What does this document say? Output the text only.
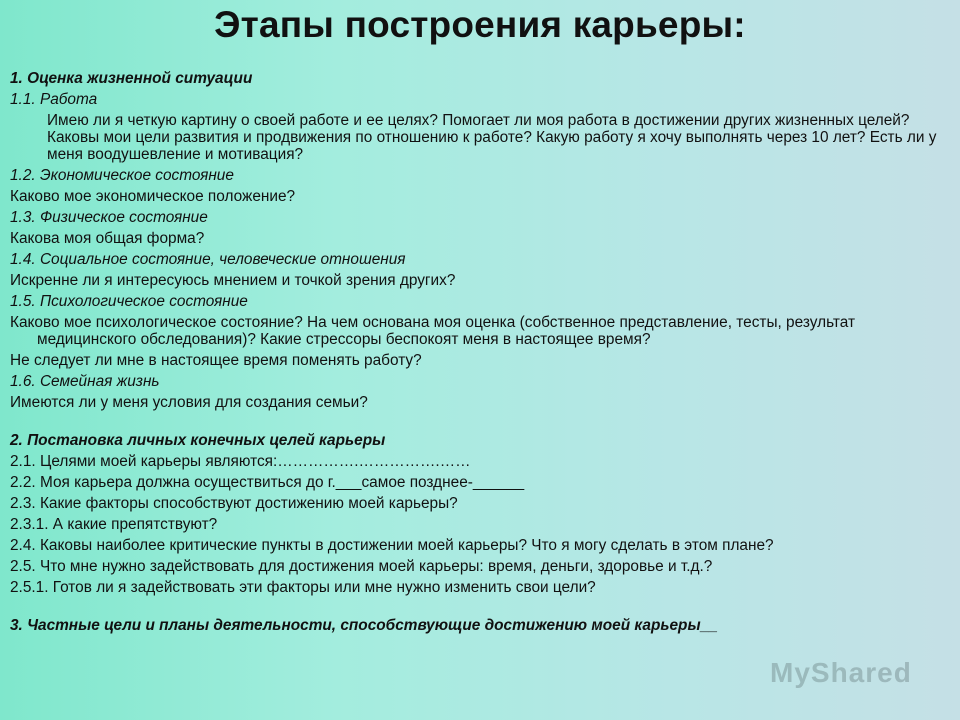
Этапы построения карьеры:
1. Оценка жизненной ситуации
1.1. Работа
Имею ли я четкую картину о своей работе и ее целях? Помогает ли моя работа в достижении других жизненных целей? Каковы мои цели развития и продвижения по отношению к работе? Какую работу я хочу выполнять через 10 лет? Есть ли у меня воодушевление и мотивация?
1.2. Экономическое состояние
Каково мое экономическое положение?
1.3. Физическое состояние
Какова моя общая форма?
1.4. Социальное состояние, человеческие отношения
Искренне ли я интересуюсь мнением и точкой зрения других?
1.5. Психологическое состояние
Каково мое психологическое состояние? На чем основана моя оценка (собственное представление, тесты, результат медицинского обследования)? Какие стрессоры беспокоят меня в настоящее время?
Не следует ли мне в настоящее время поменять работу?
1.6. Семейная жизнь
Имеются ли у меня условия для создания семьи?
2. Постановка личных конечных целей карьеры
2.1. Целями моей карьеры являются:…………….…………….……
2.2. Моя карьера должна осуществиться до г.___самое позднее-______
2.3. Какие факторы способствуют достижению моей карьеры?
2.3.1. А какие препятствуют?
2.4. Каковы наиболее критические пункты в достижении моей карьеры? Что я могу сделать в этом плане?
2.5. Что мне нужно задействовать для достижения моей карьеры: время, деньги, здоровье и т.д.?
2.5.1. Готов ли я задействовать эти факторы или мне нужно изменить свои цели?
3. Частные цели и планы деятельности, способствующие достижению моей карьеры__
MyShared
